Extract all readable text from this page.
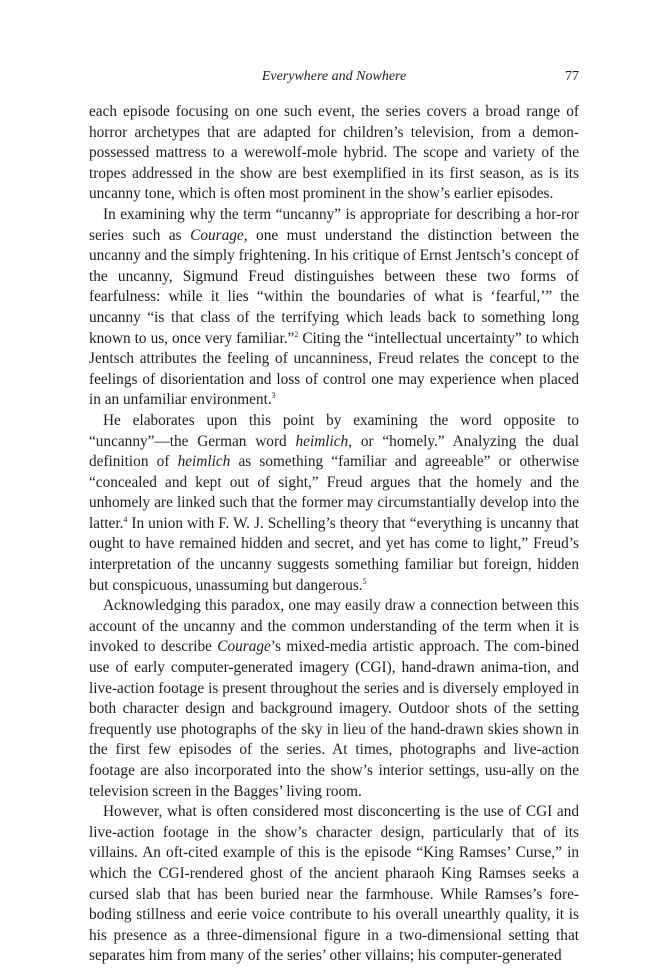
Everywhere and Nowhere	77

each episode focusing on one such event, the series covers a broad range of horror archetypes that are adapted for children’s television, from a demon-possessed mattress to a werewolf-mole hybrid. The scope and variety of the tropes addressed in the show are best exemplified in its first season, as is its uncanny tone, which is often most prominent in the show’s earlier episodes.

In examining why the term “uncanny” is appropriate for describing a hor-ror series such as Courage, one must understand the distinction between the uncanny and the simply frightening. In his critique of Ernst Jentsch’s concept of the uncanny, Sigmund Freud distinguishes between these two forms of fearfulness: while it lies “within the boundaries of what is ‘fearful,’” the uncanny “is that class of the terrifying which leads back to something long known to us, once very familiar.”$^2$ Citing the “intellectual uncertainty” to which Jentsch attributes the feeling of uncanniness, Freud relates the concept to the feelings of disorientation and loss of control one may experience when placed in an unfamiliar environment.$^3$

He elaborates upon this point by examining the word opposite to “uncanny”—the German word heimlich, or “homely.” Analyzing the dual definition of heimlich as something “familiar and agreeable” or otherwise “concealed and kept out of sight,” Freud argues that the homely and the unhomely are linked such that the former may circumstantially develop into the latter.$^4$ In union with F. W. J. Schelling’s theory that “everything is uncanny that ought to have remained hidden and secret, and yet has come to light,” Freud’s interpretation of the uncanny suggests something familiar but foreign, hidden but conspicuous, unassuming but dangerous.$^5$

Acknowledging this paradox, one may easily draw a connection between this account of the uncanny and the common understanding of the term when it is invoked to describe Courage’s mixed-media artistic approach. The com-bined use of early computer-generated imagery (CGI), hand-drawn anima-tion, and live-action footage is present throughout the series and is diversely employed in both character design and background imagery. Outdoor shots of the setting frequently use photographs of the sky in lieu of the hand-drawn skies shown in the first few episodes of the series. At times, photographs and live-action footage are also incorporated into the show’s interior settings, usu-ally on the television screen in the Bagges’ living room.

However, what is often considered most disconcerting is the use of CGI and live-action footage in the show’s character design, particularly that of its villains. An oft-cited example of this is the episode “King Ramses’ Curse,” in which the CGI-rendered ghost of the ancient pharaoh King Ramses seeks a cursed slab that has been buried near the farmhouse. While Ramses’s fore-boding stillness and eerie voice contribute to his overall unearthly quality, it is his presence as a three-dimensional figure in a two-dimensional setting that separates him from many of the series’ other villains; his computer-generated
